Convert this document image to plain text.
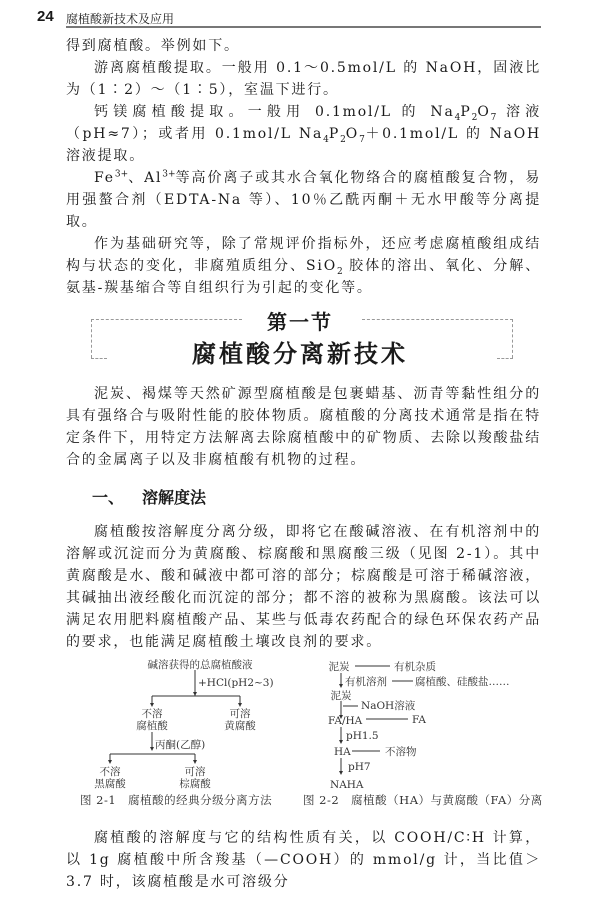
24 腐植酸新技术及应用

得到腐植酸。举例如下。

游离腐植酸提取。一般用 0.1～0.5mol/L 的 NaOH，固液比为（1∶2）～（1∶5），室温下进行。

钙镁腐植酸提取。一般用 0.1mol/L 的 $Na_4P_2O_7$ 溶液（pH≈7）；或者用 0.1mol/L $Na_4P_2O_7+0.1mol/L$ 的 NaOH 溶液提取。

$Fe^{3+}$、$Al^{3+}$等高价离子或其水合氧化物络合的腐植酸复合物，易用强螯合剂（EDTA-Na 等）、10％乙酰丙酮＋无水甲酸等分离提取。

作为基础研究等，除了常规评价指标外，还应考虑腐植酸组成结构与状态的变化，非腐殖质组分、SiO$_2$ 胶体的溶出、氧化、分解、氨基-羰基缩合等自组织行为引起的变化等。

第一节
腐植酸分离新技术

泥炭、褐煤等天然矿源型腐植酸是包裹蜡基、沥青等黏性组分的具有强络合与吸附性能的胶体物质。腐植酸的分离技术通常是指在特定条件下，用特定方法解离去除腐植酸中的矿物质、去除以羧酸盐结合的金属离子以及非腐植酸有机物的过程。

一、 溶解度法

腐植酸按溶解度分离分级，即将它在酸碱溶液、在有机溶剂中的溶解或沉淀而分为黄腐酸、棕腐酸和黑腐酸三级（见图 2-1）。其中黄腐酸是水、酸和碱液中都可溶的部分；棕腐酸是可溶于稀碱溶液，其碱抽出液经酸化而沉淀的部分；都不溶的被称为黑腐酸。该法可以满足农用肥料腐植酸产品、某些与低毒农药配合的绿色环保农药产品的要求，也能满足腐植酸土壤改良剂的要求。

碱溶获得的总腐植酸液
+HCl(pH2~3)
不溶
腐植酸
可溶
黄腐酸
丙酮(乙醇)
不溶
黑腐酸
可溶
棕腐酸
泥炭	有机杂质
有机溶剂	腐植酸、硅酸盐……
泥炭
NaOH溶液
FA/HA	FA
pH1.5
HA	不溶物
pH7
NAHA
图 2-1　腐植酸的经典分级分离方法	图 2-2　腐植酸（HA）与黄腐酸（FA）分离

腐植酸的溶解度与它的结构性质有关，以 COOH/C∶H 计算，以 1g 腐植酸中所含羧基（—COOH）的 mmol/g 计，当比值＞3.7 时，该腐植酸是水可溶级分
